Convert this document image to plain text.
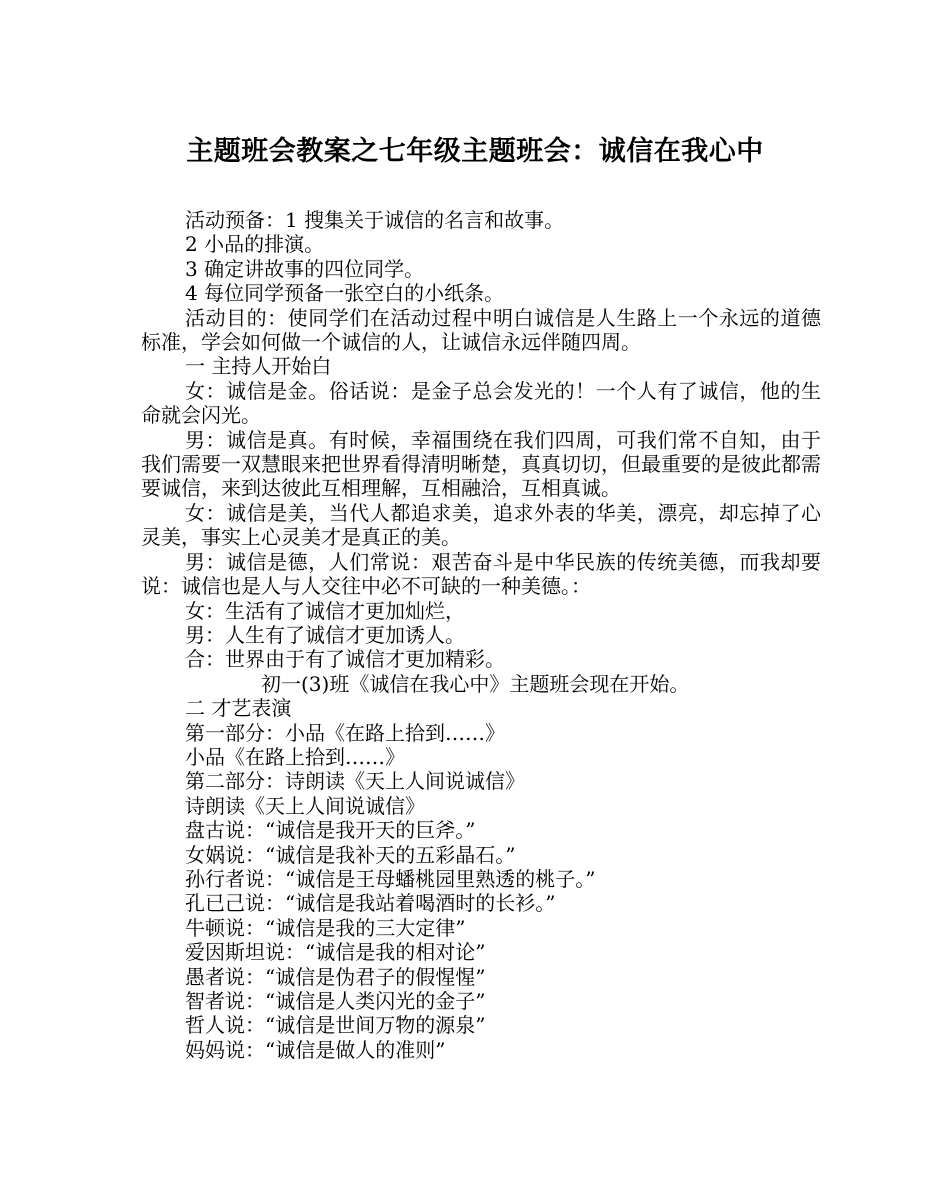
主题班会教案之七年级主题班会：诚信在我心中

活动预备：1 搜集关于诚信的名言和故事。

2 小品的排演。

3 确定讲故事的四位同学。

4 每位同学预备一张空白的小纸条。

活动目的：使同学们在活动过程中明白诚信是人生路上一个永远的道德标准，学会如何做一个诚信的人，让诚信永远伴随四周。

一 主持人开始白

女：诚信是金。俗话说：是金子总会发光的！一个人有了诚信，他的生命就会闪光。

男：诚信是真。有时候，幸福围绕在我们四周，可我们常不自知，由于我们需要一双慧眼来把世界看得清明晰楚，真真切切，但最重要的是彼此都需要诚信，来到达彼此互相理解，互相融洽，互相真诚。

女：诚信是美，当代人都追求美，追求外表的华美，漂亮，却忘掉了心灵美，事实上心灵美才是真正的美。

男：诚信是德，人们常说：艰苦奋斗是中华民族的传统美德，而我却要说：诚信也是人与人交往中必不可缺的一种美德。：

女：生活有了诚信才更加灿烂，

男：人生有了诚信才更加诱人。

合：世界由于有了诚信才更加精彩。

初一(3)班《诚信在我心中》主题班会现在开始。

二 才艺表演

第一部分：小品《在路上拾到……》

小品《在路上拾到……》

第二部分：诗朗读《天上人间说诚信》

诗朗读《天上人间说诚信》

盘古说：“诚信是我开天的巨斧。”

女娲说：“诚信是我补天的五彩晶石。”

孙行者说：“诚信是王母蟠桃园里熟透的桃子。”

孔已己说：“诚信是我站着喝酒时的长衫。”

牛顿说：“诚信是我的三大定律”

爱因斯坦说：“诚信是我的相对论”

愚者说：“诚信是伪君子的假惺惺”

智者说：“诚信是人类闪光的金子”

哲人说：“诚信是世间万物的源泉”

妈妈说：“诚信是做人的准则”
